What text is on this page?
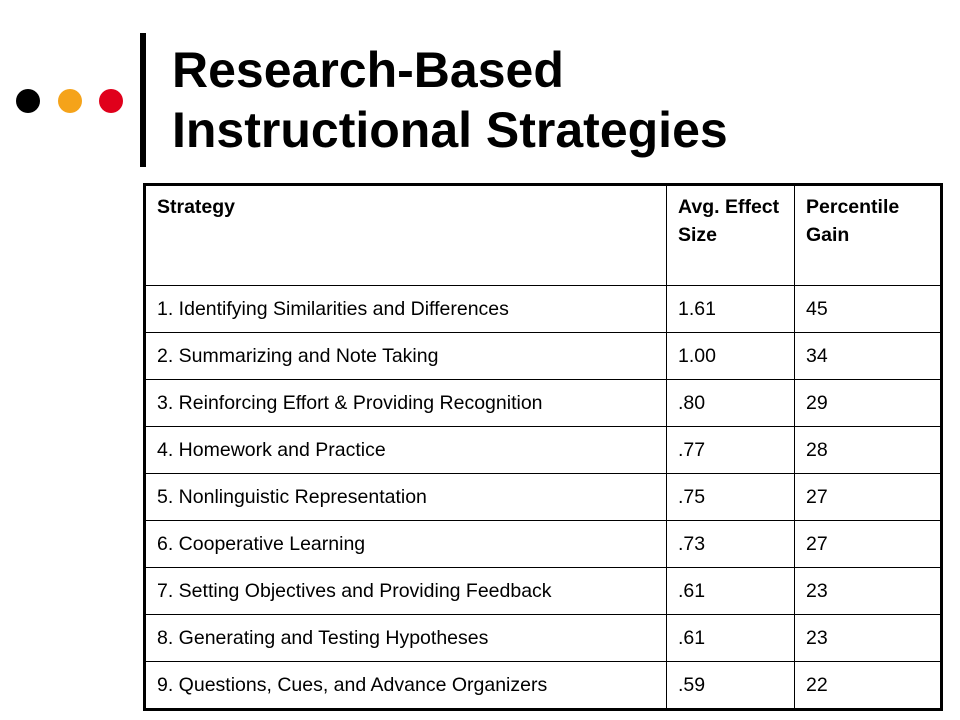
Research-Based
Instructional Strategies
Strategy	Avg. Effect Size	Percentile Gain
1. Identifying Similarities and Differences	1.61	45
2. Summarizing and Note Taking	1.00	34
3. Reinforcing Effort & Providing Recognition	.80	29
4. Homework and Practice	.77	28
5. Nonlinguistic Representation	.75	27
6. Cooperative Learning	.73	27
7. Setting Objectives and Providing Feedback	.61	23
8. Generating and Testing Hypotheses	.61	23
9. Questions, Cues, and Advance Organizers	.59	22
